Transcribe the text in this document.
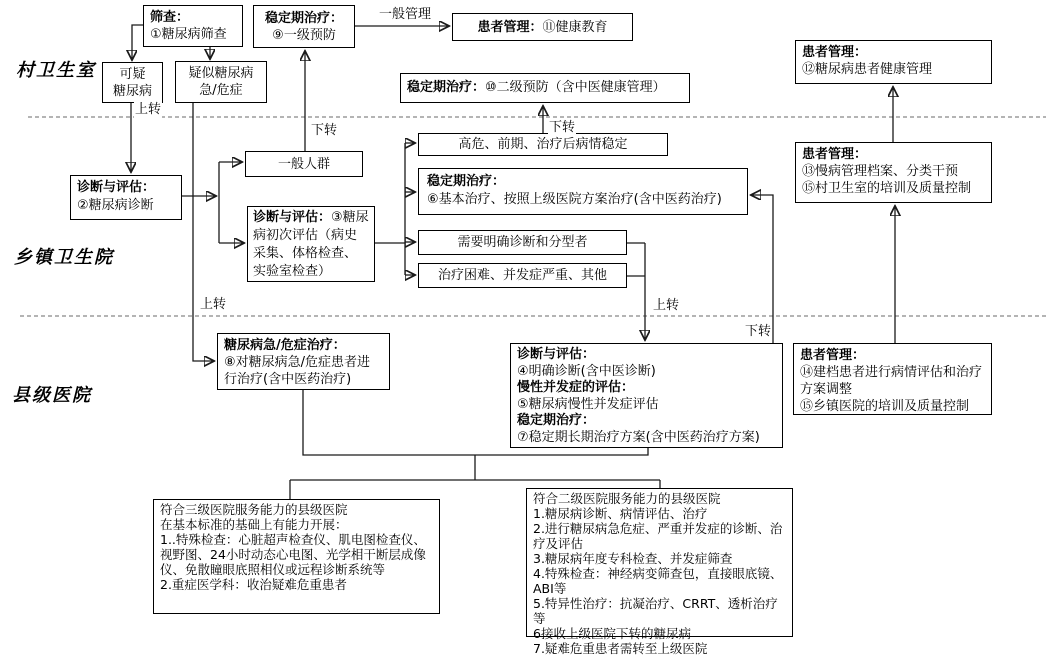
村卫生室
乡镇卫生院
县级医院
一般管理
上转
上转	上转
下转	下转
下转
筛查：
①糖尿病筛查
稳定期治疗：
⑨一级预防
患者管理： ⑪健康教育
患者管理：
⑫糖尿病患者健康管理
可疑
糖尿病
疑似糖尿病
急/危症	稳定期治疗：⑩二级预防（含中医健康管理）
诊断与评估：
②糖尿病诊断
一般人群
诊断与评估：③糖尿病初次评估（病史采集、体格检查、实验室检查）
高危、前期、治疗后病情稳定
稳定期治疗：
⑥基本治疗、按照上级医院方案治疗(含中医药治疗)
需要明确诊断和分型者
治疗困难、并发症严重、其他
患者管理：
⑬慢病管理档案、分类干预
⑮村卫生室的培训及质量控制
糖尿病急/危症治疗：
⑧对糖尿病急/危症患者进行治疗(含中医药治疗)
诊断与评估：
④明确诊断(含中医诊断)
慢性并发症的评估：
⑤糖尿病慢性并发症评估
稳定期治疗：
⑦稳定期长期治疗方案(含中医药治疗方案)
患者管理：
⑭建档患者进行病情评估和治疗方案调整
⑮乡镇医院的培训及质量控制
符合三级医院服务能力的县级医院
在基本标准的基础上有能力开展：
1..特殊检查：心脏超声检查仪、肌电图检查仪、视野图、24小时动态心电图、光学相干断层成像仪、免散瞳眼底照相仪或远程诊断系统等
2.重症医学科：收治疑难危重患者
符合二级医院服务能力的县级医院
1.糖尿病诊断、病情评估、治疗
2.进行糖尿病急危症、严重并发症的诊断、治疗及评估
3.糖尿病年度专科检查、并发症筛查
4.特殊检查：神经病变筛查包，直接眼底镜、ABI等
5.特异性治疗：抗凝治疗、CRRT、透析治疗等
6接收上级医院下转的糖尿病
7.疑难危重患者需转至上级医院
